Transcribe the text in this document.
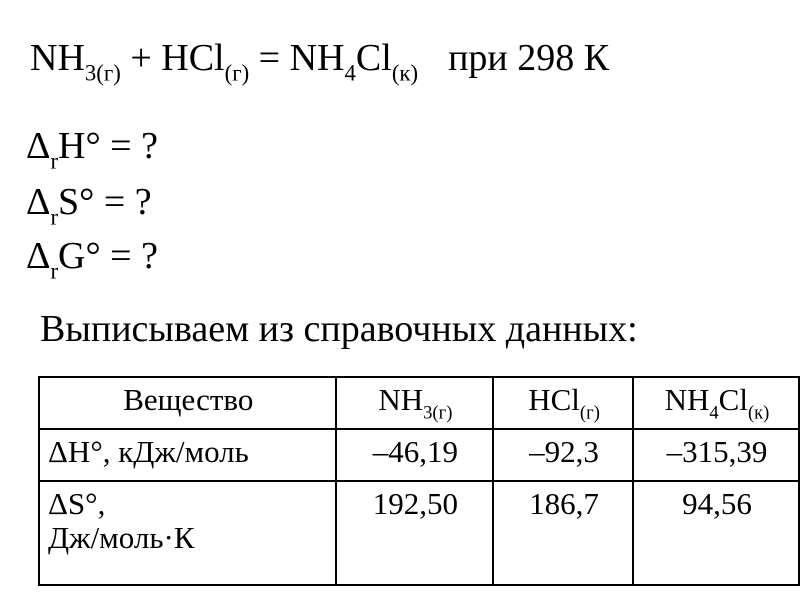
$NH_{3(г)} + HCl_{(г)} = NH_4Cl_{(к)}$ при 298 К
$\Delta_rH^\circ$ = ?
$\Delta_rS^\circ$ = ?
$\Delta_rG^\circ$ = ?
Выписываем из справочных данных:
Вещество	$NH_{3(г)}$	HCl$_{(г)}$	$NH_4Cl_{(к)}$
ΔH°, кДж/моль	–46,19	–92,3	–315,39

ΔS°,
Дж/моль·К	192,50	186,7	94,56
